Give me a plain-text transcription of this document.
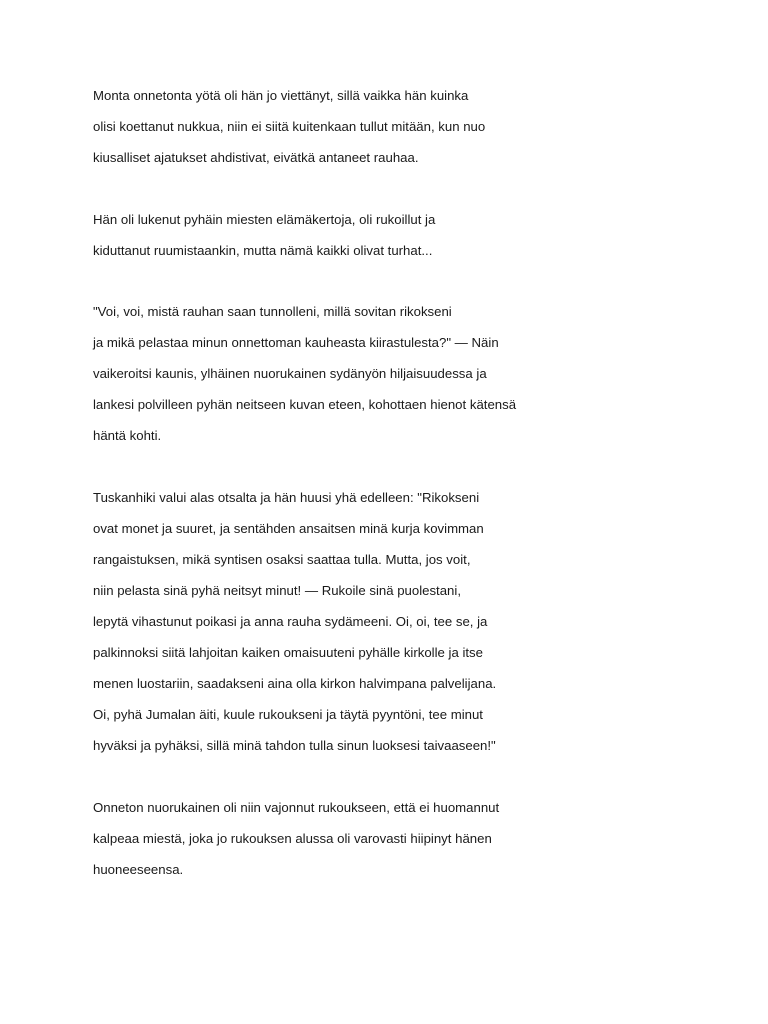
Monta onnetonta yötä oli hän jo viettänyt, sillä vaikka hän kuinka
olisi koettanut nukkua, niin ei siitä kuitenkaan tullut mitään, kun nuo
kiusalliset ajatukset ahdistivat, eivätkä antaneet rauhaa.
Hän oli lukenut pyhäin miesten elämäkertoja, oli rukoillut ja
kiduttanut ruumistaankin, mutta nämä kaikki olivat turhat...
"Voi, voi, mistä rauhan saan tunnolleni, millä sovitan rikokseni
ja mikä pelastaa minun onnettoman kauheasta kiirastulesta?" — Näin
vaikeroitsi kaunis, ylhäinen nuorukainen sydänyön hiljaisuudessa ja
lankesi polvilleen pyhän neitseen kuvan eteen, kohottaen hienot kätensä
häntä kohti.
Tuskanhiki valui alas otsalta ja hän huusi yhä edelleen: "Rikokseni
ovat monet ja suuret, ja sentähden ansaitsen minä kurja kovimman
rangaistuksen, mikä syntisen osaksi saattaa tulla. Mutta, jos voit,
niin pelasta sinä pyhä neitsyt minut! — Rukoile sinä puolestani,
lepytä vihastunut poikasi ja anna rauha sydämeeni. Oi, oi, tee se, ja
palkinnoksi siitä lahjoitan kaiken omaisuuteni pyhälle kirkolle ja itse
menen luostariin, saadakseni aina olla kirkon halvimpana palvelijana.
Oi, pyhä Jumalan äiti, kuule rukoukseni ja täytä pyyntöni, tee minut
hyväksi ja pyhäksi, sillä minä tahdon tulla sinun luoksesi taivaaseen!"
Onneton nuorukainen oli niin vajonnut rukoukseen, että ei huomannut
kalpeaa miestä, joka jo rukouksen alussa oli varovasti hiipinyt hänen
huoneeseensa.
